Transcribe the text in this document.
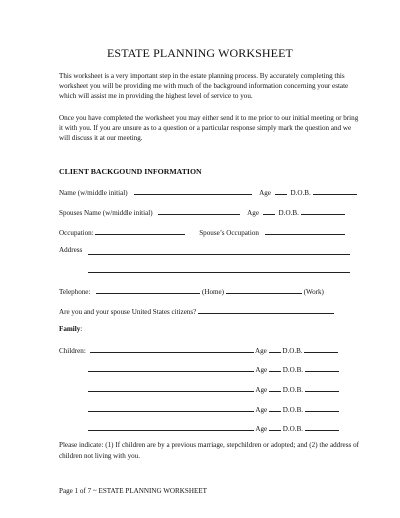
ESTATE PLANNING WORKSHEET
This worksheet is a very important step in the estate planning process. By accurately completing this worksheet you will be providing me with much of the background information concerning your estate which will assist me in providing the highest level of service to you.
Once you have completed the worksheet you may either send it to me prior to our initial meeting or bring it with you. If you are unsure as to a question or a particular response simply mark the question and we will discuss it at our meeting.
CLIENT BACKGOUND INFORMATION
Name (w/middle initial)	Age	D.O.B.
Spouses Name (w/middle initial)	Age	D.O.B.
Occupation:	Spouse’s Occupation
Address
Telephone:	(Home)	(Work)
Are you and your spouse United States citizens?
Family:
Children:	Age D.O.B.
Age D.O.B.
Age D.O.B.
Age D.O.B.
Age D.O.B.
Please indicate: (1) If children are by a previous marriage, stepchildren or adopted; and (2) the address of children not living with you.
Page 1 of 7 ~ ESTATE PLANNING WORKSHEET
